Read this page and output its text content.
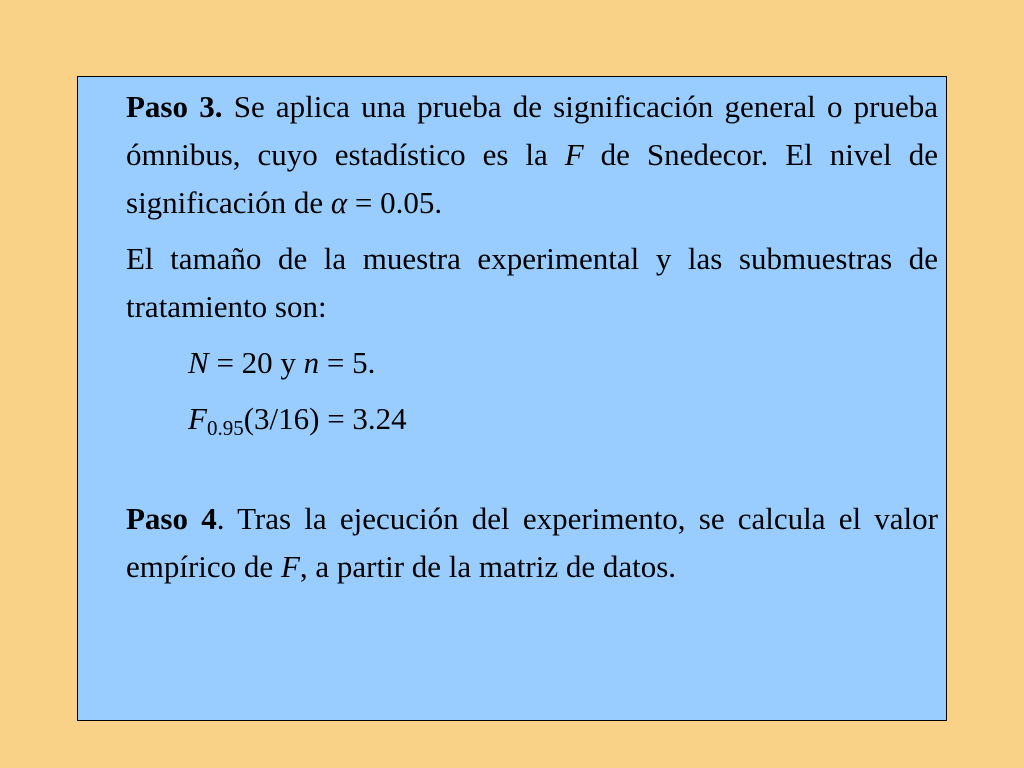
Paso 3. Se aplica una prueba de significación general o prueba ómnibus, cuyo estadístico es la F de Snedecor. El nivel de significación de α = 0.05.

El tamaño de la muestra experimental y las submuestras de tratamiento son:

N = 20 y n = 5.

$F_{0.95}(3/16) = 3.24$

Paso 4. Tras la ejecución del experimento, se calcula el valor empírico de F, a partir de la matriz de datos.
